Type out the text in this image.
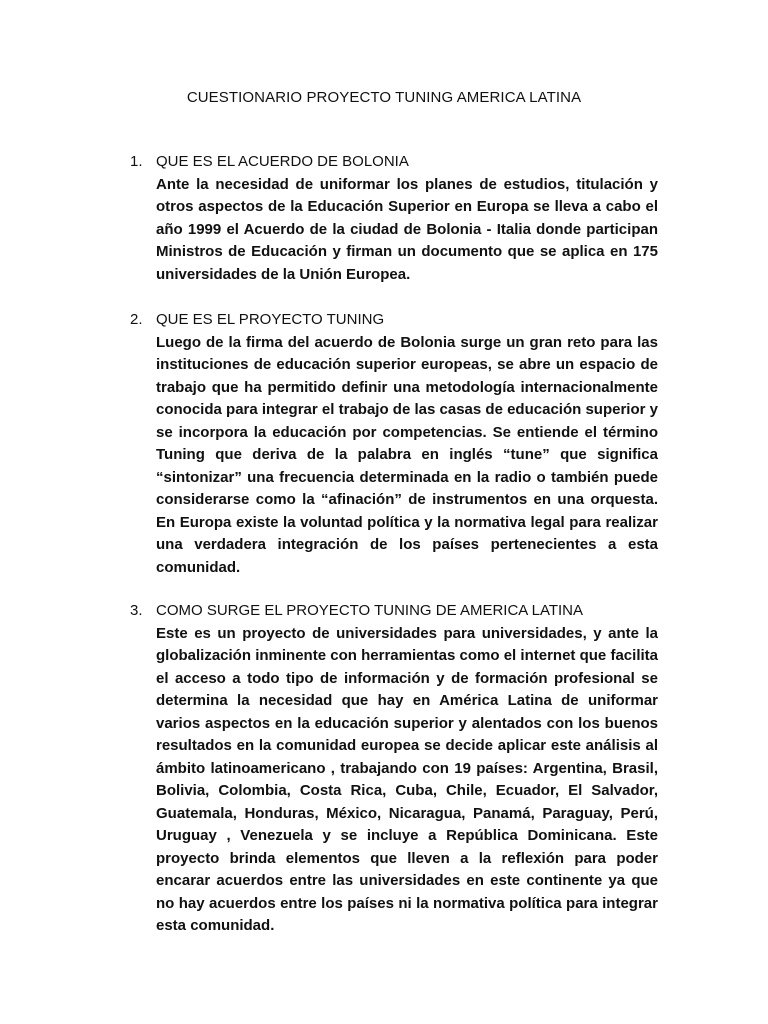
CUESTIONARIO PROYECTO TUNING AMERICA LATINA
1. QUE ES EL ACUERDO DE BOLONIA
Ante la necesidad de uniformar los planes de estudios, titulación y otros aspectos de la Educación Superior en Europa se lleva a cabo el año 1999 el Acuerdo de la ciudad de Bolonia - Italia donde participan Ministros de Educación y firman un documento que se aplica en 175 universidades de la Unión Europea.
2. QUE ES EL PROYECTO TUNING
Luego de la firma del acuerdo de Bolonia surge un gran reto para las instituciones de educación superior europeas, se abre un espacio de trabajo que ha permitido definir una metodología internacionalmente conocida para integrar el trabajo de las casas de educación superior y se incorpora la educación por competencias. Se entiende el término Tuning que deriva de la palabra en inglés “tune” que significa “sintonizar” una frecuencia determinada en la radio o también puede considerarse como la “afinación” de instrumentos en una orquesta. En Europa existe la voluntad política y la normativa legal para realizar una verdadera integración de los países pertenecientes a esta comunidad.
3. COMO SURGE EL PROYECTO TUNING DE AMERICA LATINA
Este es un proyecto de universidades para universidades, y ante la globalización inminente con herramientas como el internet que facilita el acceso a todo tipo de información y de formación profesional se determina la necesidad que hay en América Latina de uniformar varios aspectos en la educación superior y alentados con los buenos resultados en la comunidad europea se decide aplicar este análisis al ámbito latinoamericano , trabajando con 19 países: Argentina, Brasil, Bolivia, Colombia, Costa Rica, Cuba, Chile, Ecuador, El Salvador, Guatemala, Honduras, México, Nicaragua, Panamá, Paraguay, Perú, Uruguay , Venezuela y se incluye a República Dominicana. Este proyecto brinda elementos que lleven a la reflexión para poder encarar acuerdos entre las universidades en este continente ya que no hay acuerdos entre los países ni la normativa política para integrar esta comunidad.
